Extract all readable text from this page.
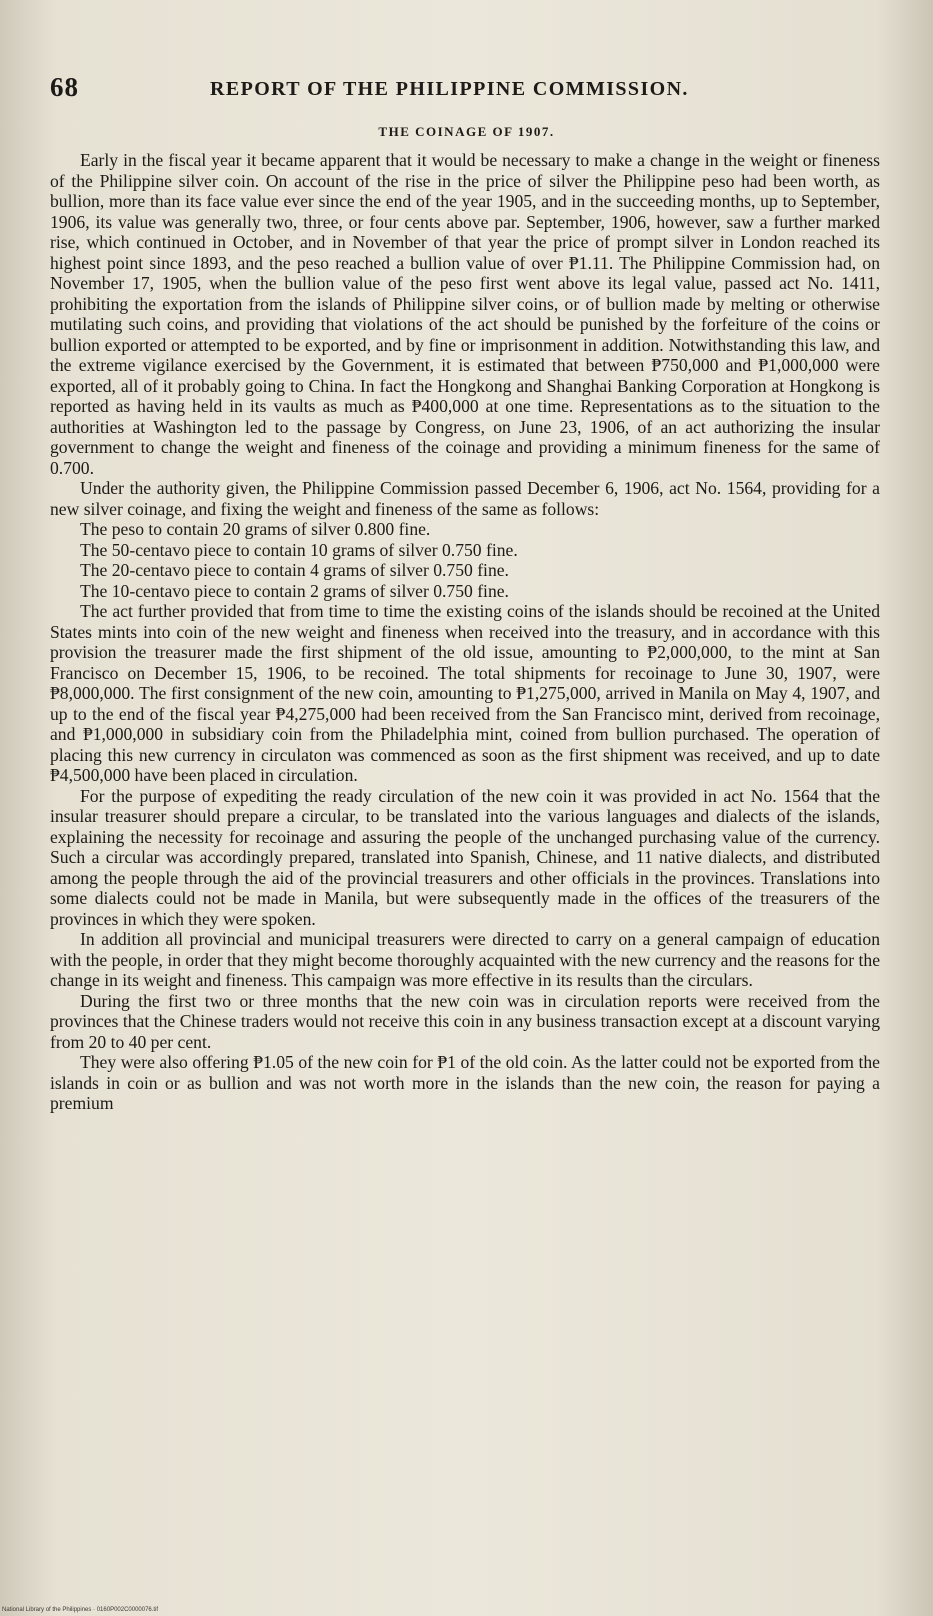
68	REPORT OF THE PHILIPPINE COMMISSION.
THE COINAGE OF 1907.

Early in the fiscal year it became apparent that it would be necessary to make a change in the weight or fineness of the Philippine silver coin. On account of the rise in the price of silver the Philippine peso had been worth, as bullion, more than its face value ever since the end of the year 1905, and in the succeeding months, up to September, 1906, its value was generally two, three, or four cents above par. September, 1906, however, saw a further marked rise, which continued in October, and in November of that year the price of prompt silver in London reached its highest point since 1893, and the peso reached a bullion value of over ₱1.11. The Philippine Commission had, on November 17, 1905, when the bullion value of the peso first went above its legal value, passed act No. 1411, prohibiting the exportation from the islands of Philippine silver coins, or of bullion made by melting or otherwise mutilating such coins, and providing that violations of the act should be punished by the forfeiture of the coins or bullion exported or attempted to be exported, and by fine or imprisonment in addition. Notwithstanding this law, and the extreme vigilance exercised by the Government, it is estimated that between ₱750,000 and ₱1,000,000 were exported, all of it probably going to China. In fact the Hongkong and Shanghai Banking Corporation at Hongkong is reported as having held in its vaults as much as ₱400,000 at one time. Representations as to the situation to the authorities at Washington led to the passage by Congress, on June 23, 1906, of an act authorizing the insular government to change the weight and fineness of the coinage and providing a minimum fineness for the same of 0.700.

Under the authority given, the Philippine Commission passed December 6, 1906, act No. 1564, providing for a new silver coinage, and fixing the weight and fineness of the same as follows:

The peso to contain 20 grams of silver 0.800 fine.

The 50-centavo piece to contain 10 grams of silver 0.750 fine.

The 20-centavo piece to contain 4 grams of silver 0.750 fine.

The 10-centavo piece to contain 2 grams of silver 0.750 fine.

The act further provided that from time to time the existing coins of the islands should be recoined at the United States mints into coin of the new weight and fineness when received into the treasury, and in accordance with this provision the treasurer made the first shipment of the old issue, amounting to ₱2,000,000, to the mint at San Francisco on December 15, 1906, to be recoined. The total shipments for recoinage to June 30, 1907, were ₱8,000,000. The first consignment of the new coin, amounting to ₱1,275,000, arrived in Manila on May 4, 1907, and up to the end of the fiscal year ₱4,275,000 had been received from the San Francisco mint, derived from recoinage, and ₱1,000,000 in subsidiary coin from the Philadelphia mint, coined from bullion purchased. The operation of placing this new currency in circulaton was commenced as soon as the first shipment was received, and up to date ₱4,500,000 have been placed in circulation.

For the purpose of expediting the ready circulation of the new coin it was provided in act No. 1564 that the insular treasurer should prepare a circular, to be translated into the various languages and dialects of the islands, explaining the necessity for recoinage and assuring the people of the unchanged purchasing value of the currency. Such a circular was accordingly prepared, translated into Spanish, Chinese, and 11 native dialects, and distributed among the people through the aid of the provincial treasurers and other officials in the provinces. Translations into some dialects could not be made in Manila, but were subsequently made in the offices of the treasurers of the provinces in which they were spoken.

In addition all provincial and municipal treasurers were directed to carry on a general campaign of education with the people, in order that they might become thoroughly acquainted with the new currency and the reasons for the change in its weight and fineness. This campaign was more effective in its results than the circulars.

During the first two or three months that the new coin was in circulation reports were received from the provinces that the Chinese traders would not receive this coin in any business transaction except at a discount varying from 20 to 40 per cent.

They were also offering ₱1.05 of the new coin for ₱1 of the old coin. As the latter could not be exported from the islands in coin or as bullion and was not worth more in the islands than the new coin, the reason for paying a premium

National Library of the Philippines · 0160P002C0000076.tif
